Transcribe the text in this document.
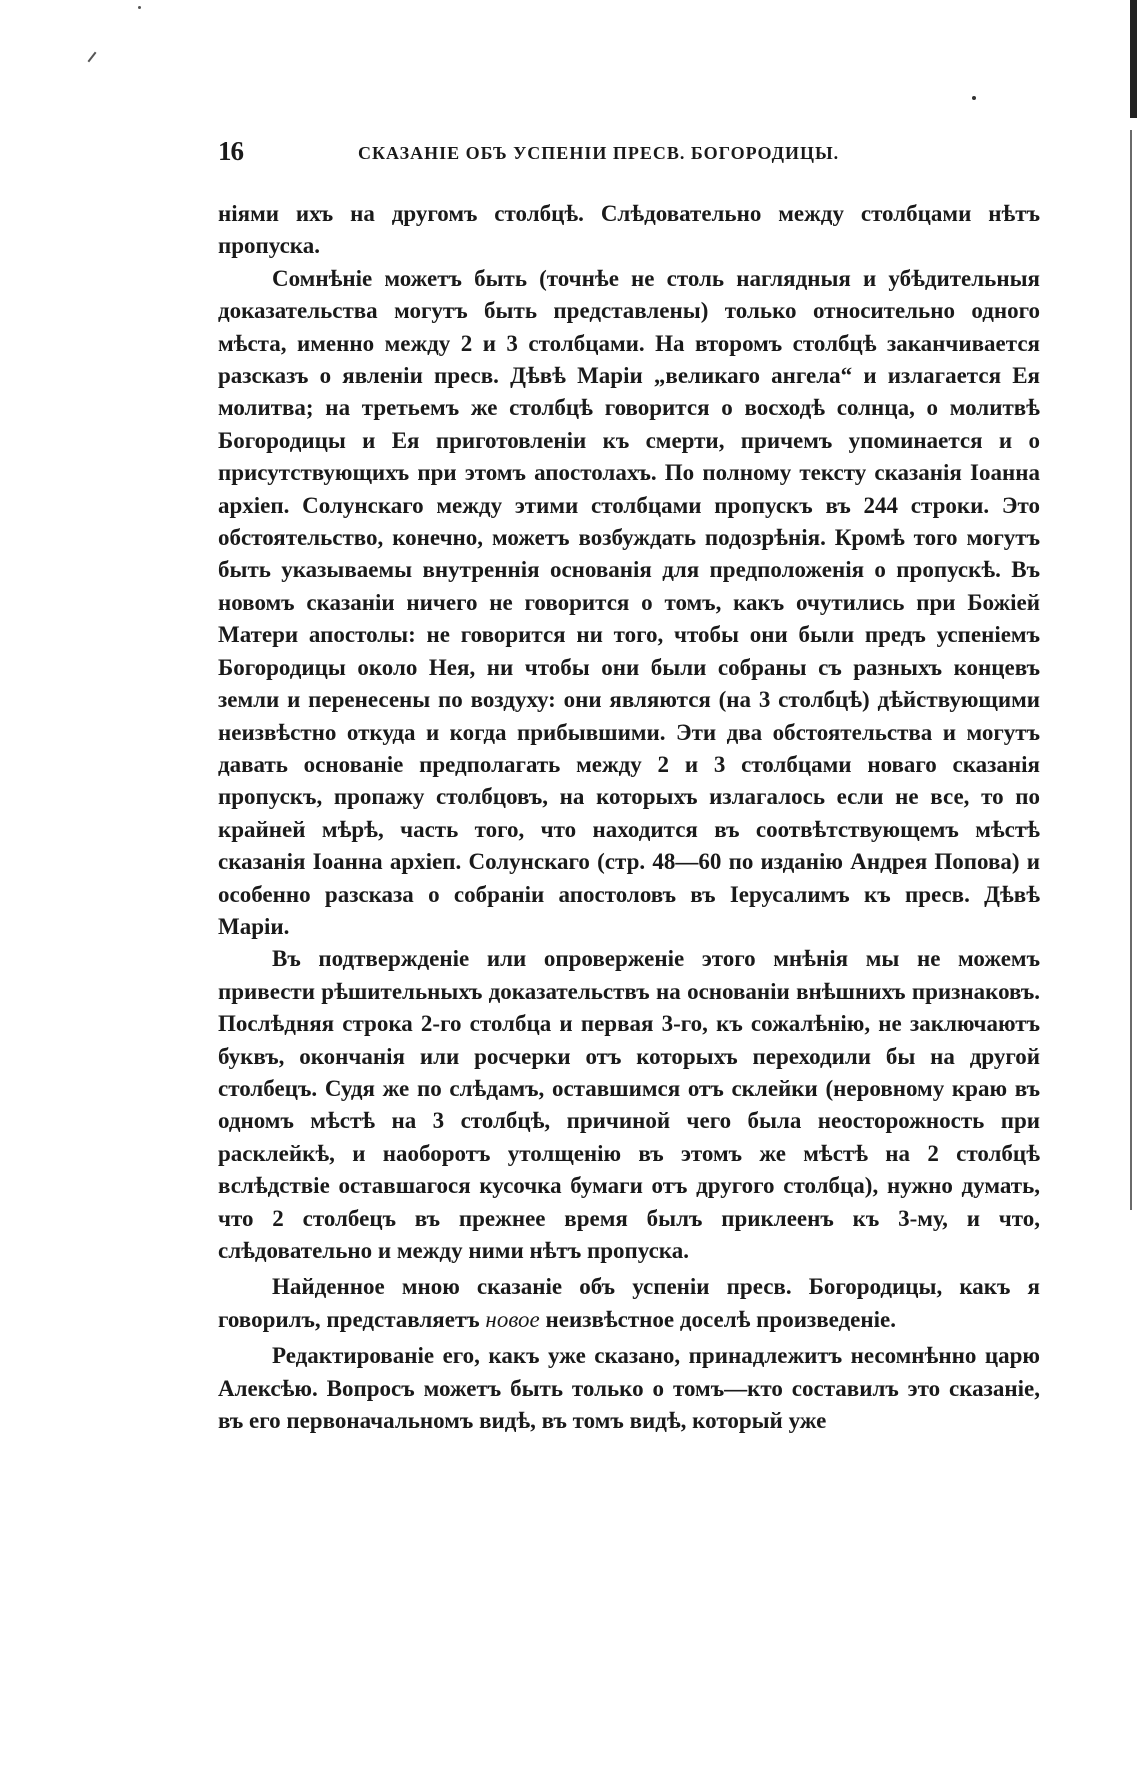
16	СКАЗАНІЕ ОБЪ УСПЕНІИ ПРЕСВ. БОГОРОДИЦЫ.

ніями ихъ на другомъ столбцѣ. Слѣдовательно между столбцами нѣтъ пропуска.

Сомнѣніе можетъ быть (точнѣе не столь наглядныя и убѣдительныя доказательства могутъ быть представлены) только относительно одного мѣста, именно между 2 и 3 столбцами. На второмъ столбцѣ заканчивается разсказъ о явленіи пресв. Дѣвѣ Маріи „великаго ангела“ и излагается Ея молитва; на третьемъ же столбцѣ говорится о восходѣ солнца, о молитвѣ Богородицы и Ея приготовленіи къ смерти, причемъ упоминается и о присутствующихъ при этомъ апостолахъ. По полному тексту сказанія Іоанна архіеп. Солунскаго между этими столбцами пропускъ въ 244 строки. Это обстоятельство, конечно, можетъ возбуждать подозрѣнія. Кромѣ того могутъ быть указываемы внутреннія основанія для предположенія о пропускѣ. Въ новомъ сказаніи ничего не говорится о томъ, какъ очутились при Божіей Матери апостолы: не говорится ни того, чтобы они были предъ успеніемъ Богородицы около Нея, ни чтобы они были собраны съ разныхъ концевъ земли и перенесены по воздуху: они являются (на 3 столбцѣ) дѣйствующими неизвѣстно откуда и когда прибывшими. Эти два обстоятельства и могутъ давать основаніе предполагать между 2 и 3 столбцами новаго сказанія пропускъ, пропажу столбцовъ, на которыхъ излагалось если не все, то по крайней мѣрѣ, часть того, что находится въ соотвѣтствующемъ мѣстѣ сказанія Іоанна архіеп. Солунскаго (стр. 48—60 по изданію Андрея Попова) и особенно разсказа о собраніи апостоловъ въ Іерусалимъ къ пресв. Дѣвѣ Маріи.

Въ подтвержденіе или опроверженіе этого мнѣнія мы не можемъ привести рѣшительныхъ доказательствъ на основаніи внѣшнихъ признаковъ. Послѣдняя строка 2-го столбца и первая 3-го, къ сожалѣнію, не заключаютъ буквъ, окончанія или росчерки отъ которыхъ переходили бы на другой столбецъ. Судя же по слѣдамъ, оставшимся отъ склейки (неровному краю въ одномъ мѣстѣ на 3 столбцѣ, причиной чего была неосторожность при расклейкѣ, и наоборотъ утолщенію въ этомъ же мѣстѣ на 2 столбцѣ вслѣдствіе оставшагося кусочка бумаги отъ другого столбца), нужно думать, что 2 столбецъ въ прежнее время былъ приклеенъ къ 3-му, и что, слѣдовательно и между ними нѣтъ пропуска.

Найденное мною сказаніе объ успеніи пресв. Богородицы, какъ я говорилъ, представляетъ новое неизвѣстное доселѣ произведеніе.

Редактированіе его, какъ уже сказано, принадлежитъ несомнѣнно царю Алексѣю. Вопросъ можетъ быть только о томъ—кто составилъ это сказаніе, въ его первоначальномъ видѣ, въ томъ видѣ, который уже
